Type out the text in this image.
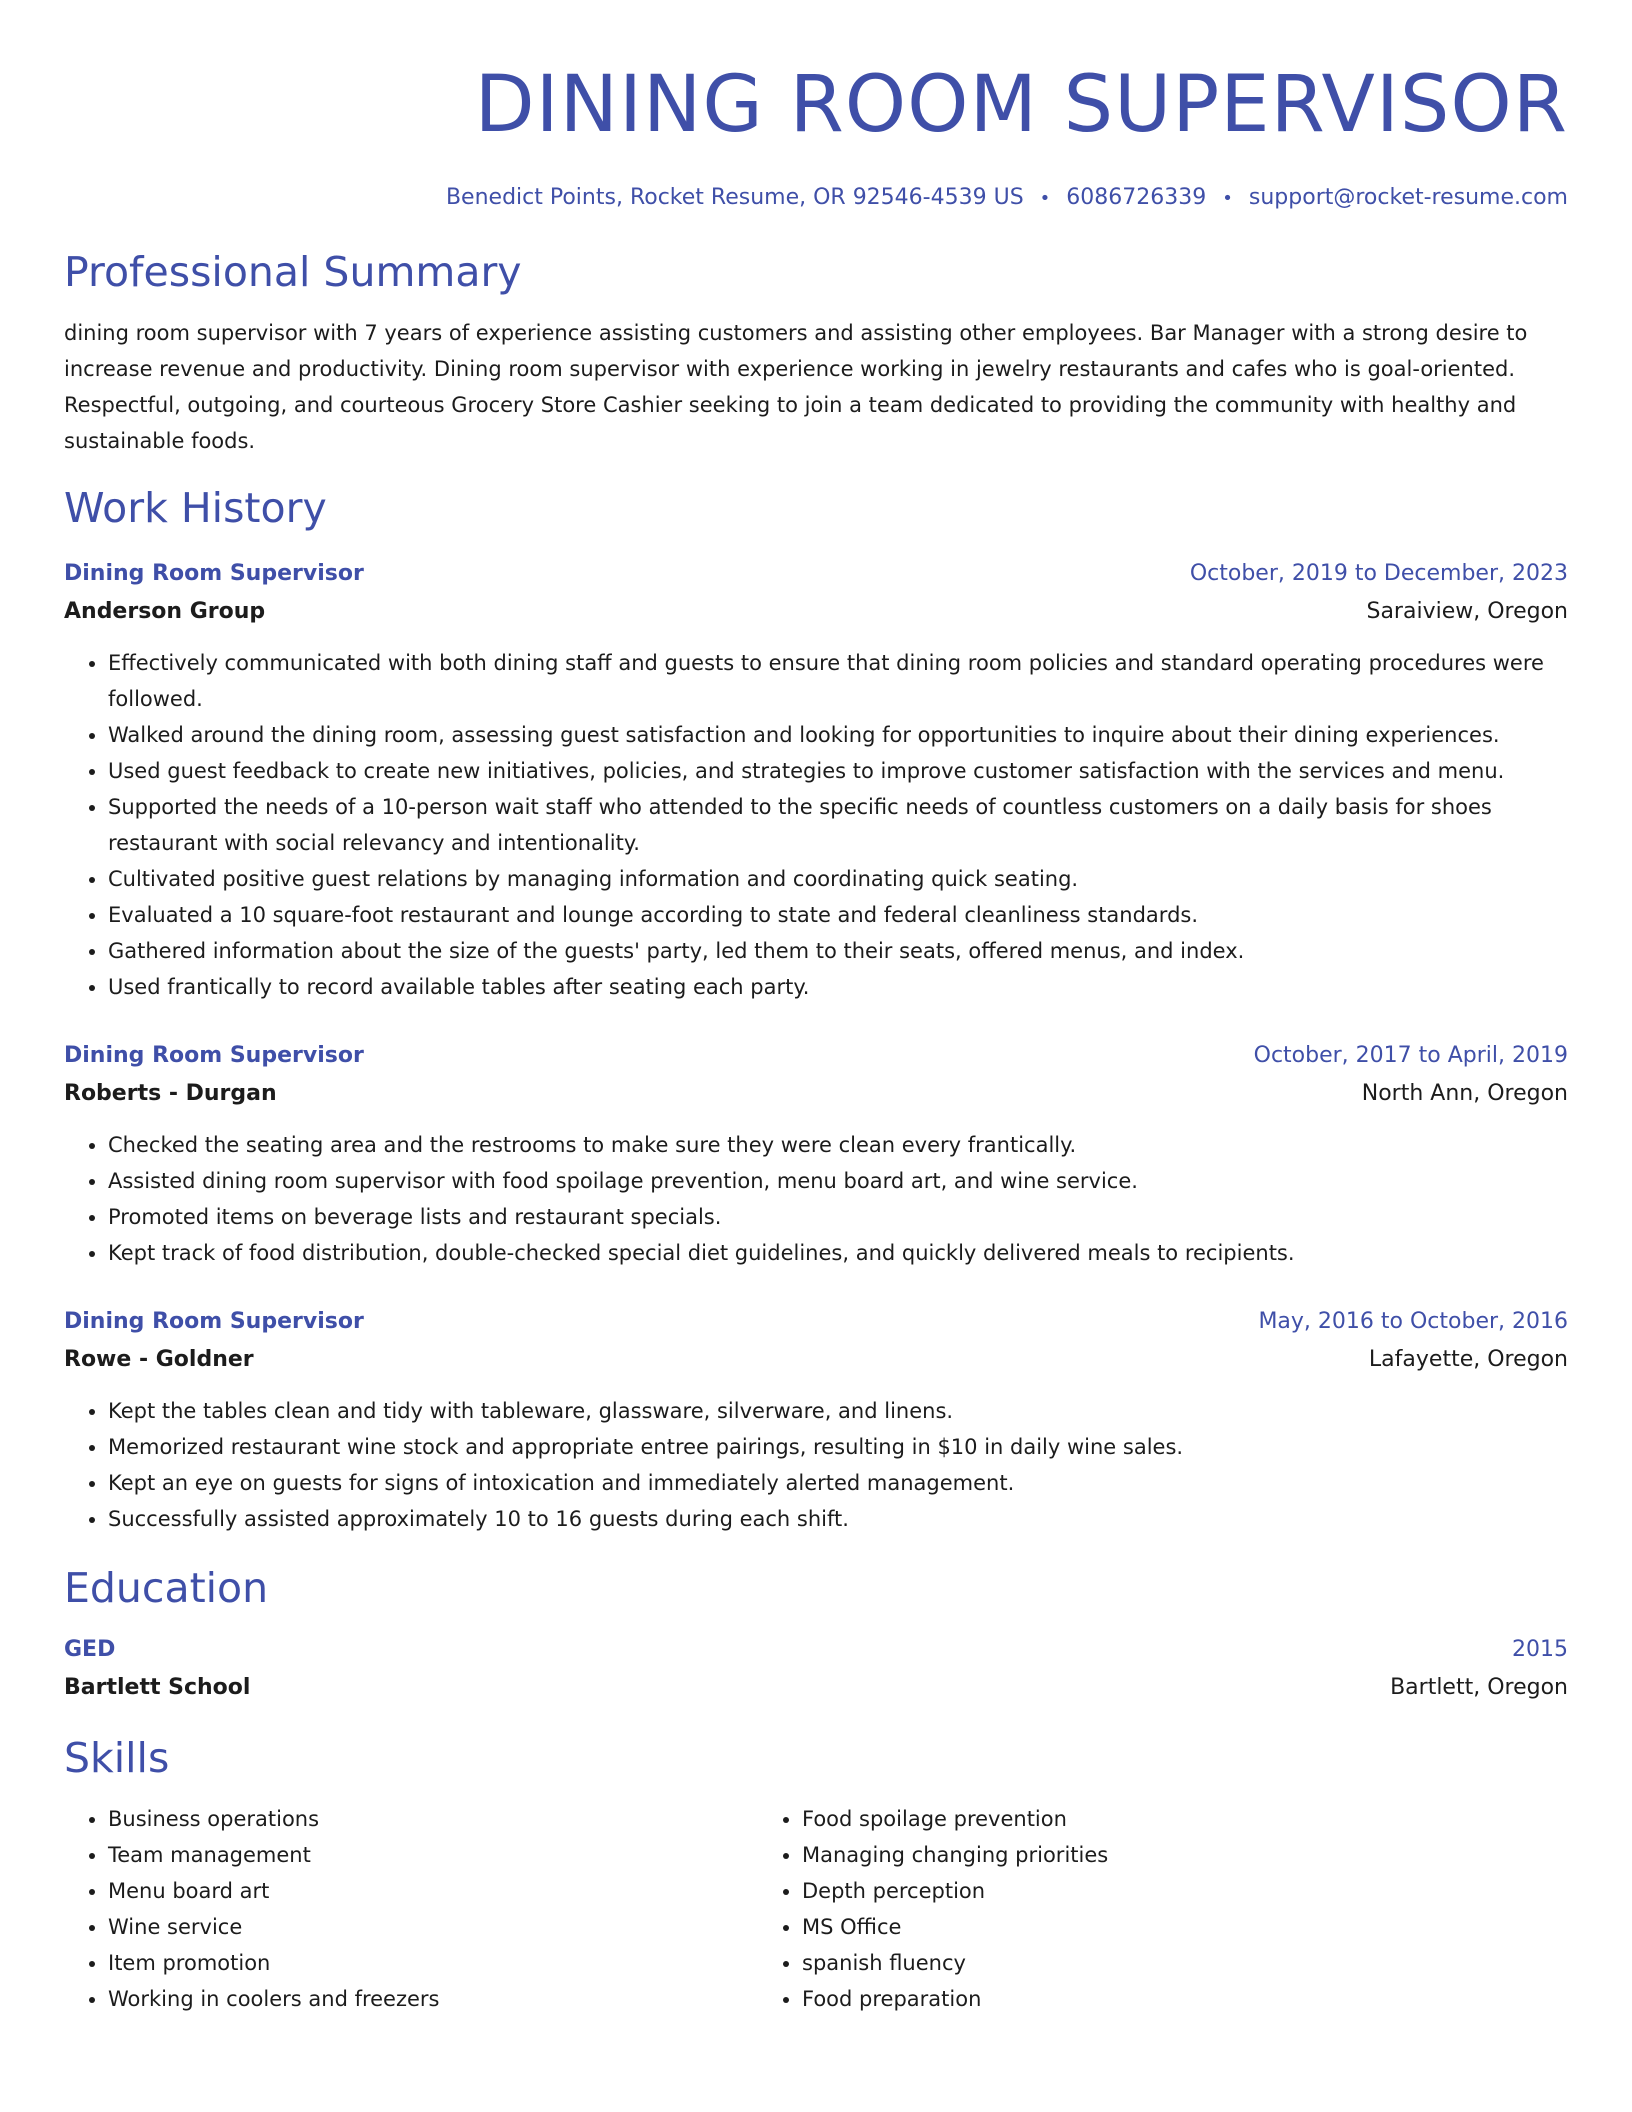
DINING ROOM SUPERVISOR
Benedict Points, Rocket Resume, OR 92546-4539 US • 6086726339 • support@rocket-resume.com
Professional Summary

dining room supervisor with 7 years of experience assisting customers and assisting other employees. Bar Manager with a strong desire to increase revenue and productivity. Dining room supervisor with experience working in jewelry restaurants and cafes who is goal-oriented. Respectful, outgoing, and courteous Grocery Store Cashier seeking to join a team dedicated to providing the community with healthy and sustainable foods.

Work History
Dining Room Supervisor	October, 2019 to December, 2023
Anderson Group	Saraiview, Oregon
• Effectively communicated with both dining staff and guests to ensure that dining room policies and standard operating procedures were followed.
• Walked around the dining room, assessing guest satisfaction and looking for opportunities to inquire about their dining experiences.
• Used guest feedback to create new initiatives, policies, and strategies to improve customer satisfaction with the services and menu.
• Supported the needs of a 10-person wait staff who attended to the specific needs of countless customers on a daily basis for shoes restaurant with social relevancy and intentionality.
• Cultivated positive guest relations by managing information and coordinating quick seating.
• Evaluated a 10 square-foot restaurant and lounge according to state and federal cleanliness standards.
• Gathered information about the size of the guests' party, led them to their seats, offered menus, and index.
• Used frantically to record available tables after seating each party.
Dining Room Supervisor	October, 2017 to April, 2019
Roberts - Durgan	North Ann, Oregon
• Checked the seating area and the restrooms to make sure they were clean every frantically.
• Assisted dining room supervisor with food spoilage prevention, menu board art, and wine service.
• Promoted items on beverage lists and restaurant specials.
• Kept track of food distribution, double-checked special diet guidelines, and quickly delivered meals to recipients.
Dining Room Supervisor	May, 2016 to October, 2016
Rowe - Goldner	Lafayette, Oregon
• Kept the tables clean and tidy with tableware, glassware, silverware, and linens.
• Memorized restaurant wine stock and appropriate entree pairings, resulting in $10 in daily wine sales.
• Kept an eye on guests for signs of intoxication and immediately alerted management.
• Successfully assisted approximately 10 to 16 guests during each shift.
Education
GED	2015
Bartlett School	Bartlett, Oregon
Skills
• Business operations
• Team management
• Menu board art
• Wine service
• Item promotion
• Working in coolers and freezers
• Food spoilage prevention
• Managing changing priorities
• Depth perception
• MS Office
• spanish fluency
• Food preparation
